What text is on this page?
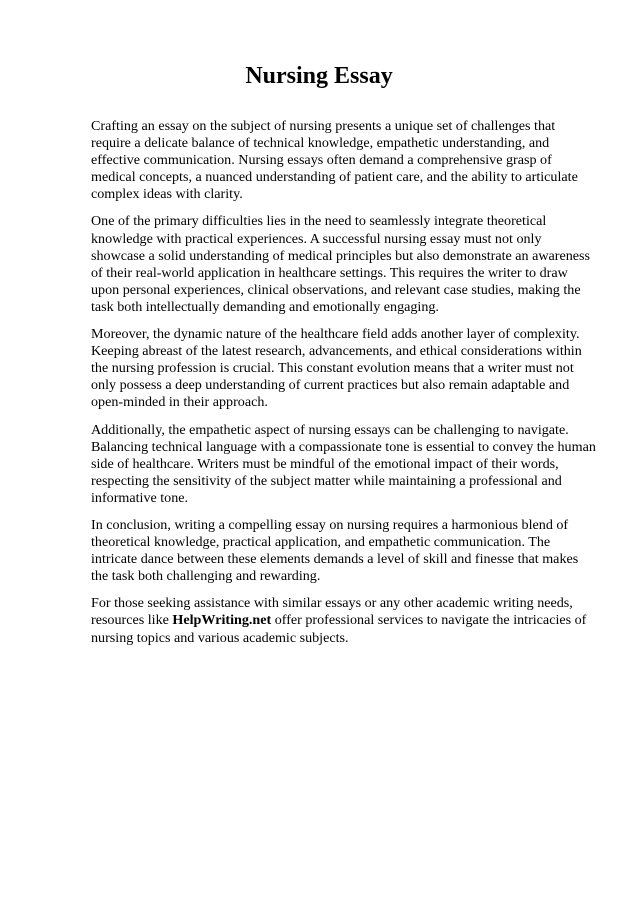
Nursing Essay

Crafting an essay on the subject of nursing presents a unique set of challenges that require a delicate balance of technical knowledge, empathetic understanding, and effective communication. Nursing essays often demand a comprehensive grasp of medical concepts, a nuanced understanding of patient care, and the ability to articulate complex ideas with clarity.

One of the primary difficulties lies in the need to seamlessly integrate theoretical knowledge with practical experiences. A successful nursing essay must not only showcase a solid understanding of medical principles but also demonstrate an awareness of their real-world application in healthcare settings. This requires the writer to draw upon personal experiences, clinical observations, and relevant case studies, making the task both intellectually demanding and emotionally engaging.

Moreover, the dynamic nature of the healthcare field adds another layer of complexity. Keeping abreast of the latest research, advancements, and ethical considerations within the nursing profession is crucial. This constant evolution means that a writer must not only possess a deep understanding of current practices but also remain adaptable and open-minded in their approach.

Additionally, the empathetic aspect of nursing essays can be challenging to navigate. Balancing technical language with a compassionate tone is essential to convey the human side of healthcare. Writers must be mindful of the emotional impact of their words, respecting the sensitivity of the subject matter while maintaining a professional and informative tone.

In conclusion, writing a compelling essay on nursing requires a harmonious blend of theoretical knowledge, practical application, and empathetic communication. The intricate dance between these elements demands a level of skill and finesse that makes the task both challenging and rewarding.

For those seeking assistance with similar essays or any other academic writing needs, resources like HelpWriting.net offer professional services to navigate the intricacies of nursing topics and various academic subjects.
